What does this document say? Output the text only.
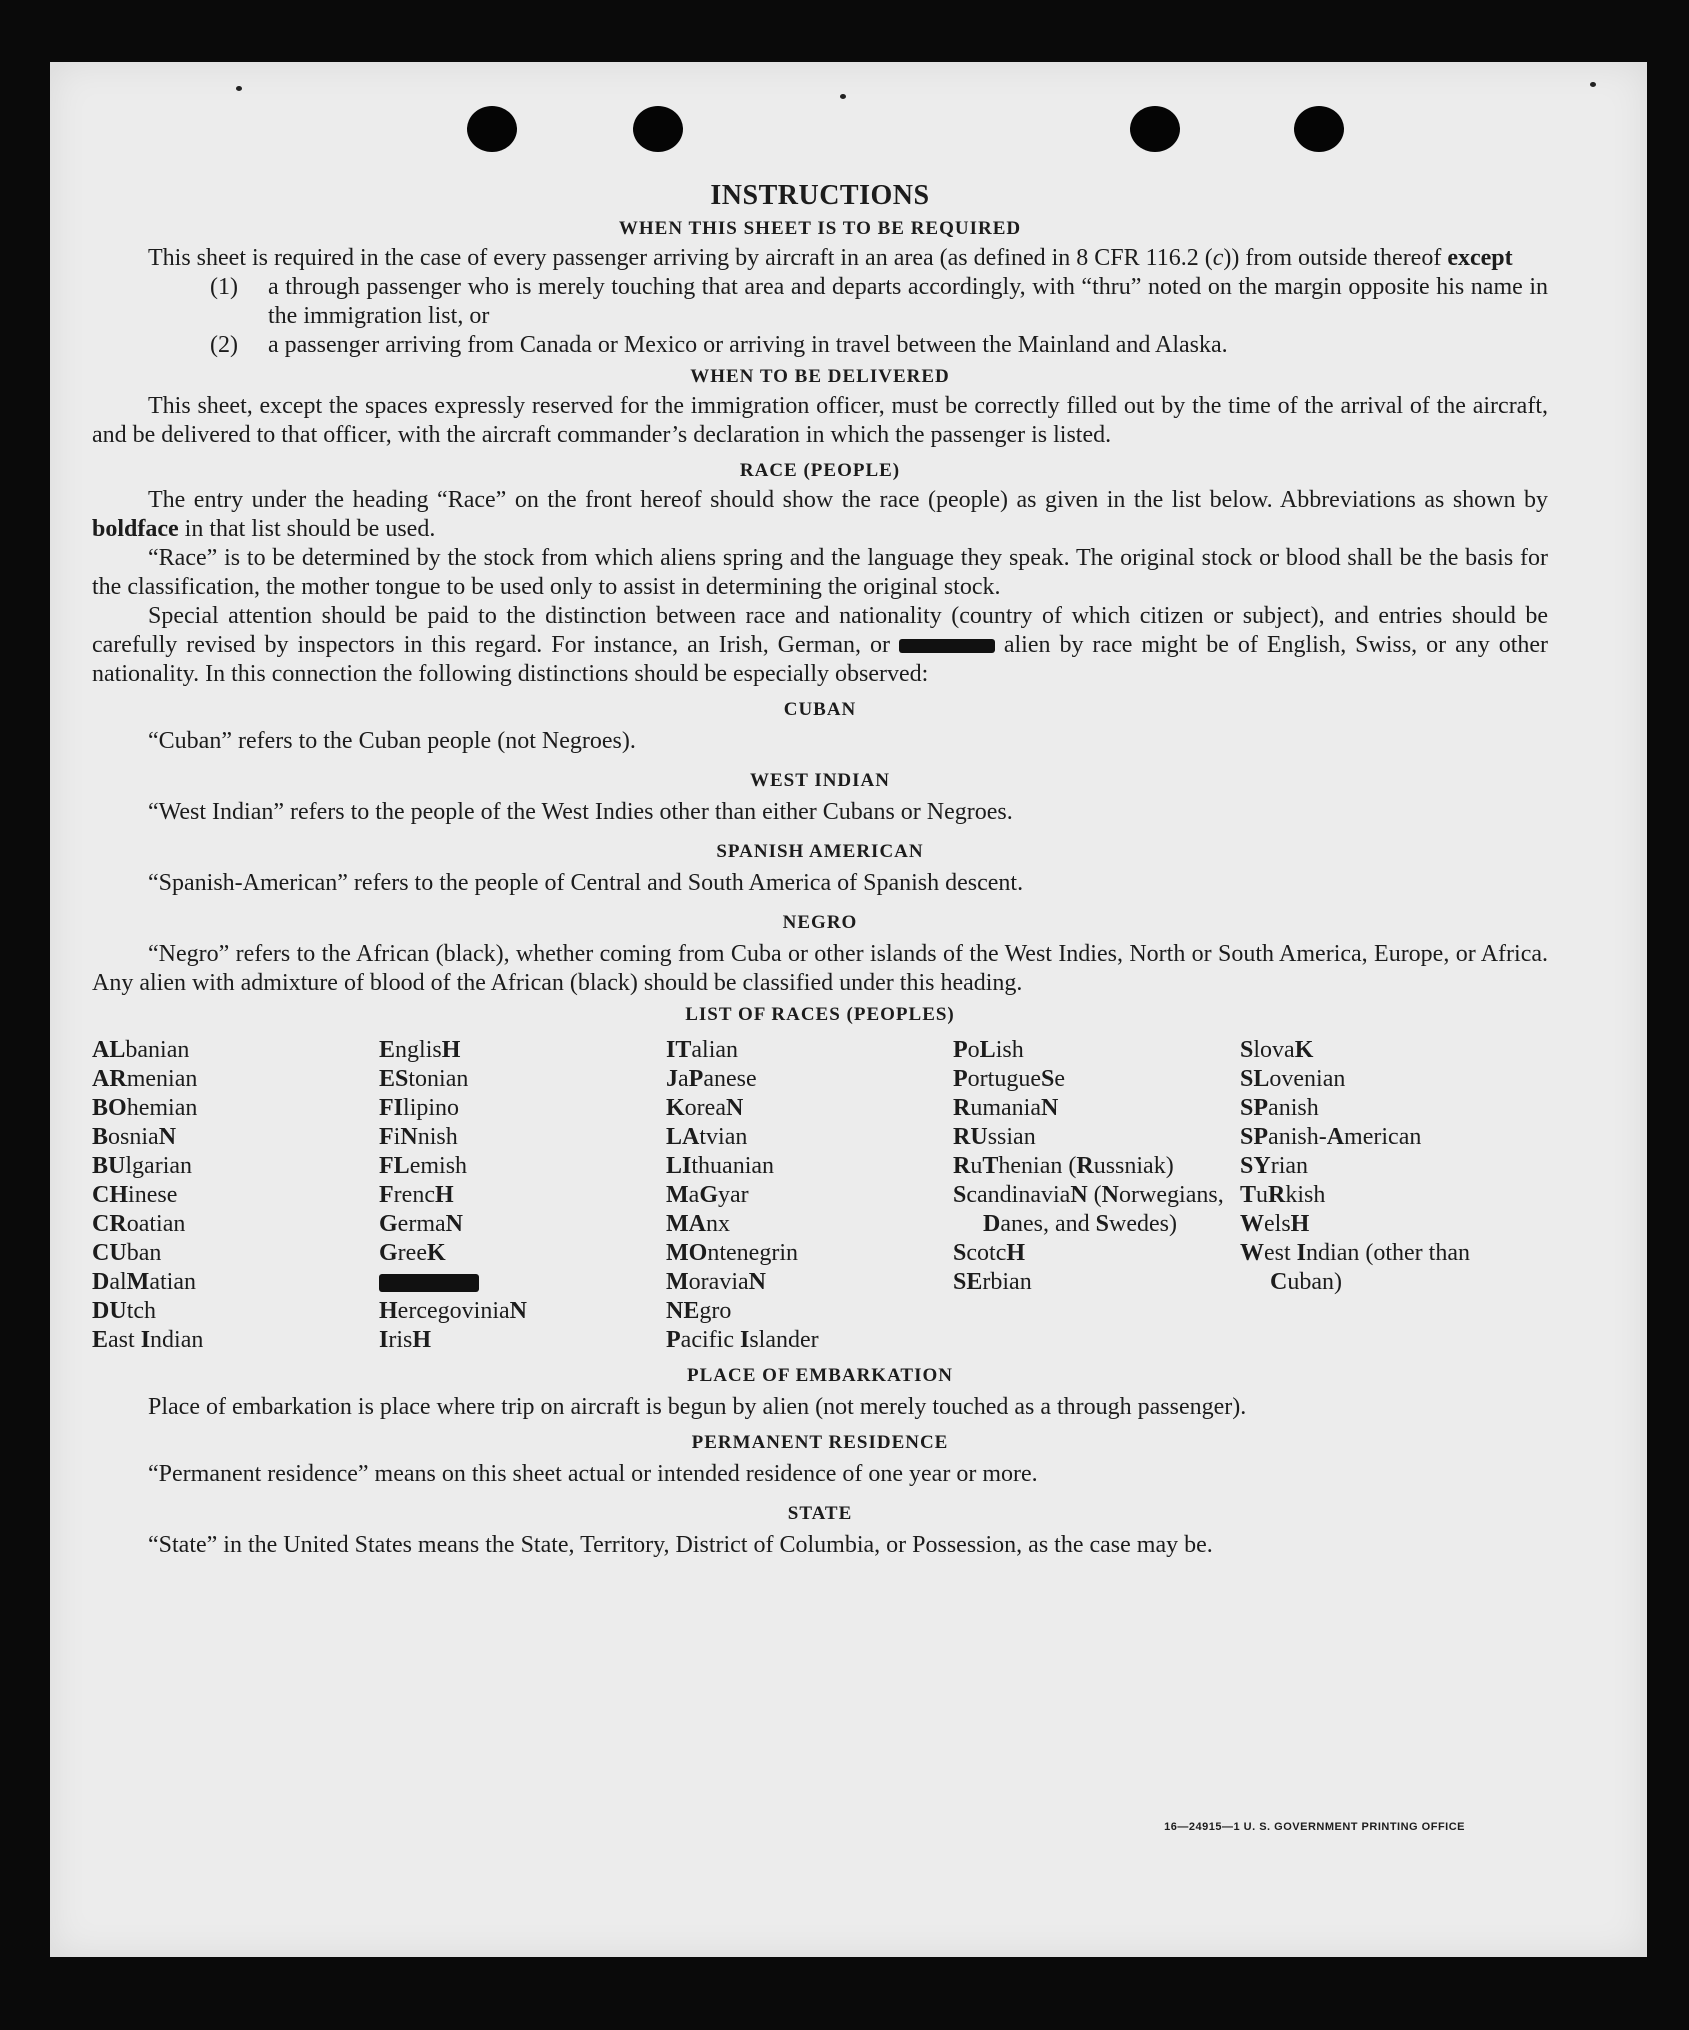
INSTRUCTIONS
WHEN THIS SHEET IS TO BE REQUIRED

This sheet is required in the case of every passenger arriving by aircraft in an area (as defined in 8 CFR 116.2 (c)) from outside thereof except

(1)	a through passenger who is merely touching that area and departs accordingly, with “thru” noted on the margin opposite his name in the immigration list, or
(2)	a passenger arriving from Canada or Mexico or arriving in travel between the Mainland and Alaska.
WHEN TO BE DELIVERED

This sheet, except the spaces expressly reserved for the immigration officer, must be correctly filled out by the time of the arrival of the aircraft, and be delivered to that officer, with the aircraft commander’s declaration in which the passenger is listed.

RACE (PEOPLE)

The entry under the heading “Race” on the front hereof should show the race (people) as given in the list below. Abbreviations as shown by boldface in that list should be used.

“Race” is to be determined by the stock from which aliens spring and the language they speak. The original stock or blood shall be the basis for the classification, the mother tongue to be used only to assist in determining the original stock.

Special attention should be paid to the distinction between race and nationality (country of which citizen or subject), and entries should be carefully revised by inspectors in this regard. For instance, an Irish, German, or	alien by race might be of English, Swiss, or any other nationality. In this connection the following distinctions should be especially observed:

CUBAN

“Cuban” refers to the Cuban people (not Negroes).

WEST INDIAN

“West Indian” refers to the people of the West Indies other than either Cubans or Negroes.

SPANISH AMERICAN

“Spanish-American” refers to the people of Central and South America of Spanish descent.

NEGRO

“Negro” refers to the African (black), whether coming from Cuba or other islands of the West Indies, North or South America, Europe, or Africa. Any alien with admixture of blood of the African (black) should be classified under this heading.

LIST OF RACES (PEOPLES)
ALbanian
ARmenian
BOhemian
BosniaN
BUlgarian
CHinese
CRoatian
CUban
DalMatian
DUtch
East Indian
EnglisH
EStonian
FIlipino
FiNnish
FLemish
FrencH
GermaN
GreeK
HercegoviniaN
IrisH
ITalian
JaPanese
KoreaN
LAtvian
LIthuanian
MaGyar
MAnx
MOntenegrin
MoraviaN
NEgro
Pacific Islander
PoLish
PortugueSe
RumaniaN
RUssian
RuThenian (Russniak)
ScandinaviaN (Norwegians, Danes, and Swedes)
ScotcH
SErbian
SlovaK
SLovenian
SPanish
SPanish-American
SYrian
TuRkish
WelsH
West Indian (other than Cuban)
PLACE OF EMBARKATION

Place of embarkation is place where trip on aircraft is begun by alien (not merely touched as a through passenger).

PERMANENT RESIDENCE

“Permanent residence” means on this sheet actual or intended residence of one year or more.

STATE

“State” in the United States means the State, Territory, District of Columbia, or Possession, as the case may be.

16—24915—1 U. S. GOVERNMENT PRINTING OFFICE
